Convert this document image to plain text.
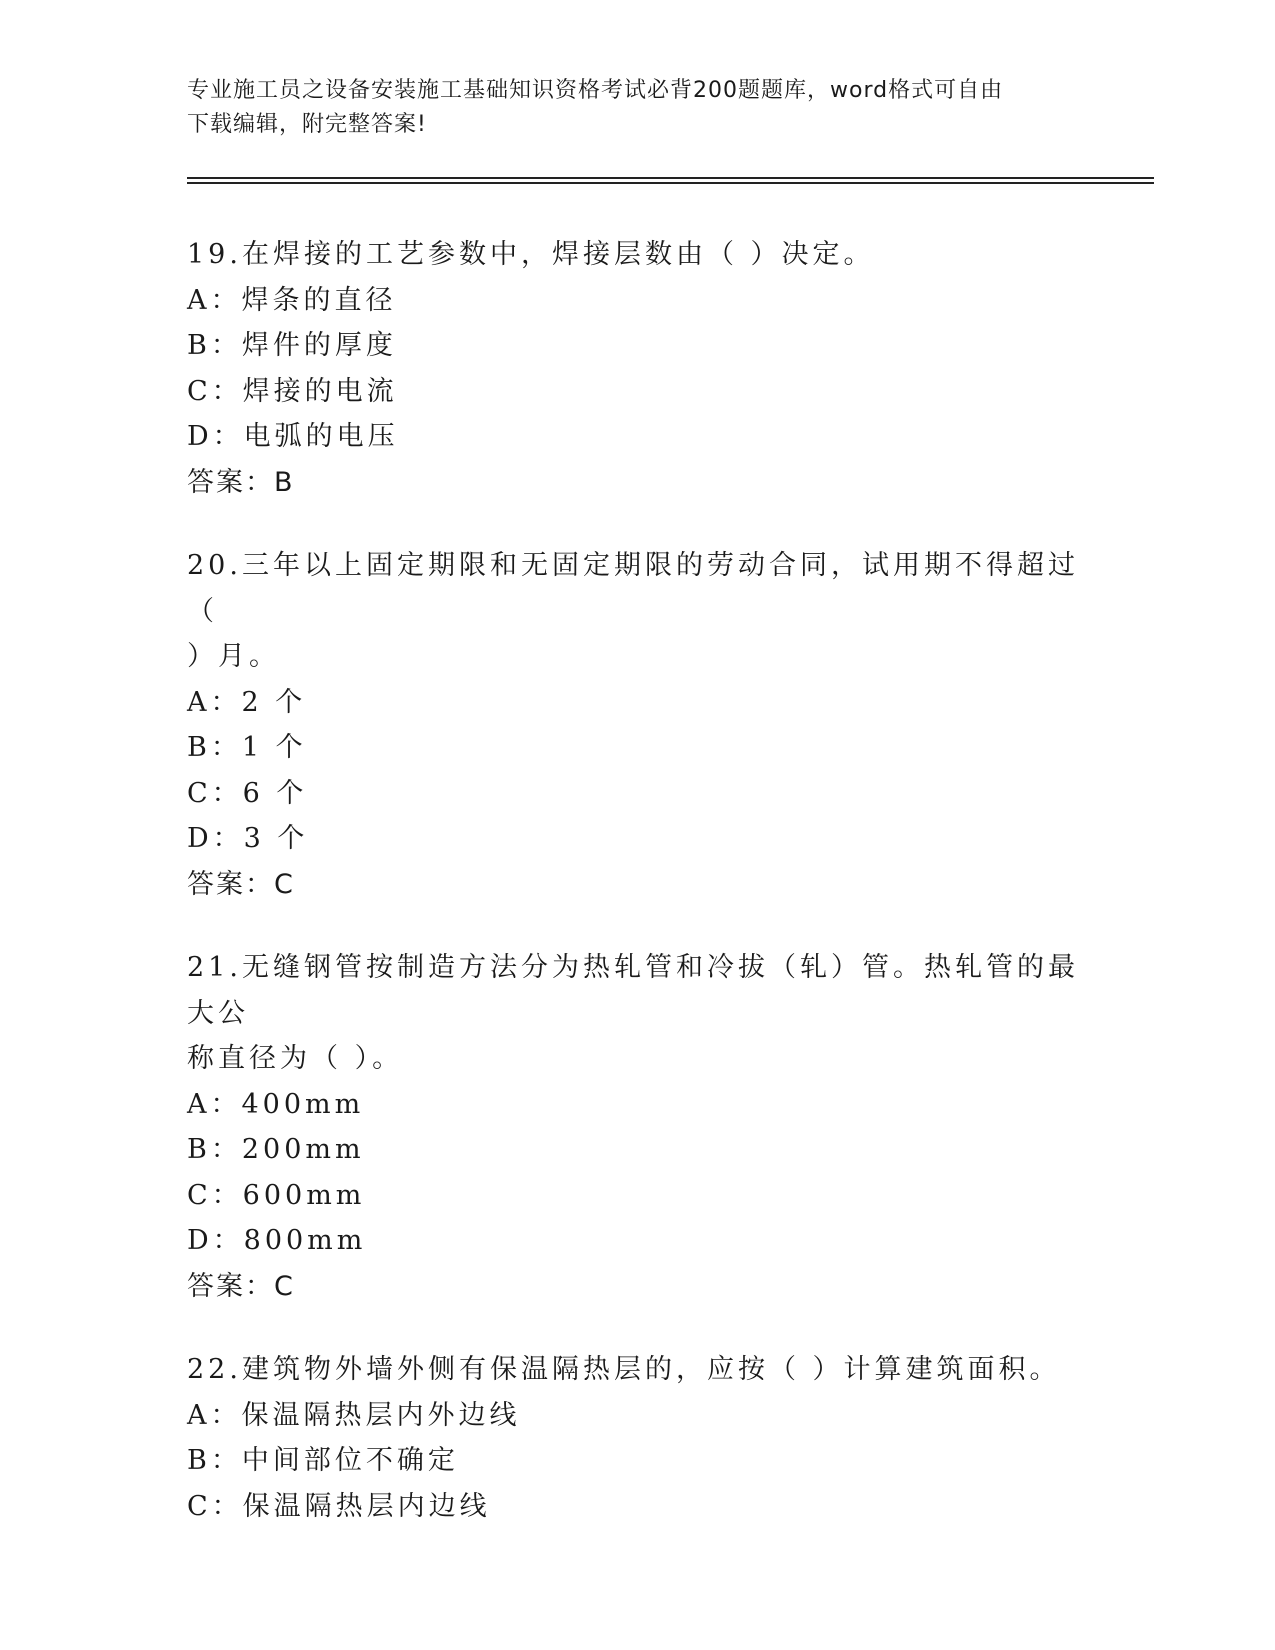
专业施工员之设备安装施工基础知识资格考试必背200题题库，word格式可自由
下载编辑，附完整答案!
19.在焊接的工艺参数中，焊接层数由（ ）决定。
A：焊条的直径
B：焊件的厚度
C：焊接的电流
D：电弧的电压
答案：B
20.三年以上固定期限和无固定期限的劳动合同，试用期不得超过（
）月。
A：2 个
B：1 个
C：6 个
D：3 个
答案：C
21.无缝钢管按制造方法分为热轧管和冷拔（轧）管。热轧管的最大公
称直径为（ ）。
A：400mm
B：200mm
C：600mm
D：800mm
答案：C
22.建筑物外墙外侧有保温隔热层的，应按（ ）计算建筑面积。
A：保温隔热层内外边线
B：中间部位不确定
C：保温隔热层内边线
